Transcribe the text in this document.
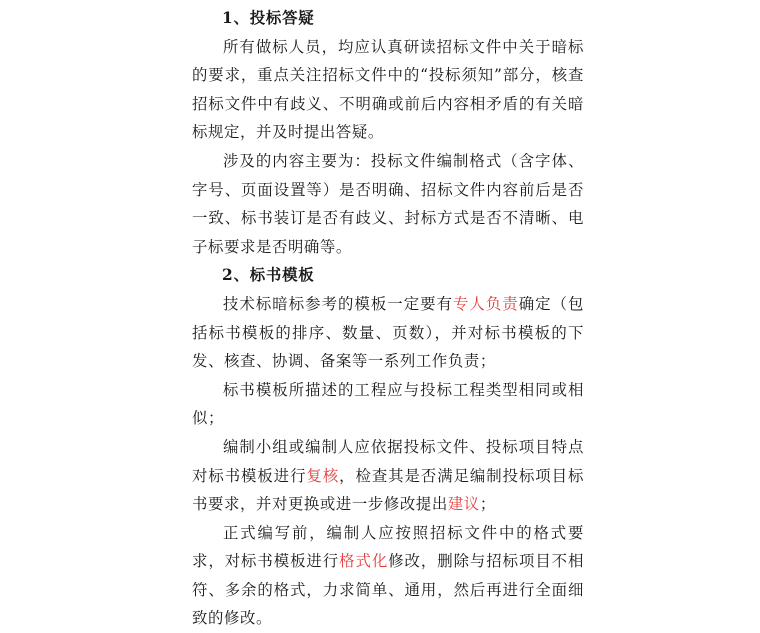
1、投标答疑

所有做标人员，均应认真研读招标文件中关于暗标的要求，重点关注招标文件中的“投标须知”部分，核查招标文件中有歧义、不明确或前后内容相矛盾的有关暗标规定，并及时提出答疑。

涉及的内容主要为：投标文件编制格式（含字体、字号、页面设置等）是否明确、招标文件内容前后是否一致、标书装订是否有歧义、封标方式是否不清晰、电子标要求是否明确等。

2、标书模板

技术标暗标参考的模板一定要有专人负责确定（包括标书模板的排序、数量、页数），并对标书模板的下发、核查、协调、备案等一系列工作负责；

标书模板所描述的工程应与投标工程类型相同或相似；

编制小组或编制人应依据投标文件、投标项目特点对标书模板进行复核，检查其是否满足编制投标项目标书要求，并对更换或进一步修改提出建议；

正式编写前，编制人应按照招标文件中的格式要求，对标书模板进行格式化修改，删除与招标项目不相符、多余的格式，力求简单、通用，然后再进行全面细致的修改。
